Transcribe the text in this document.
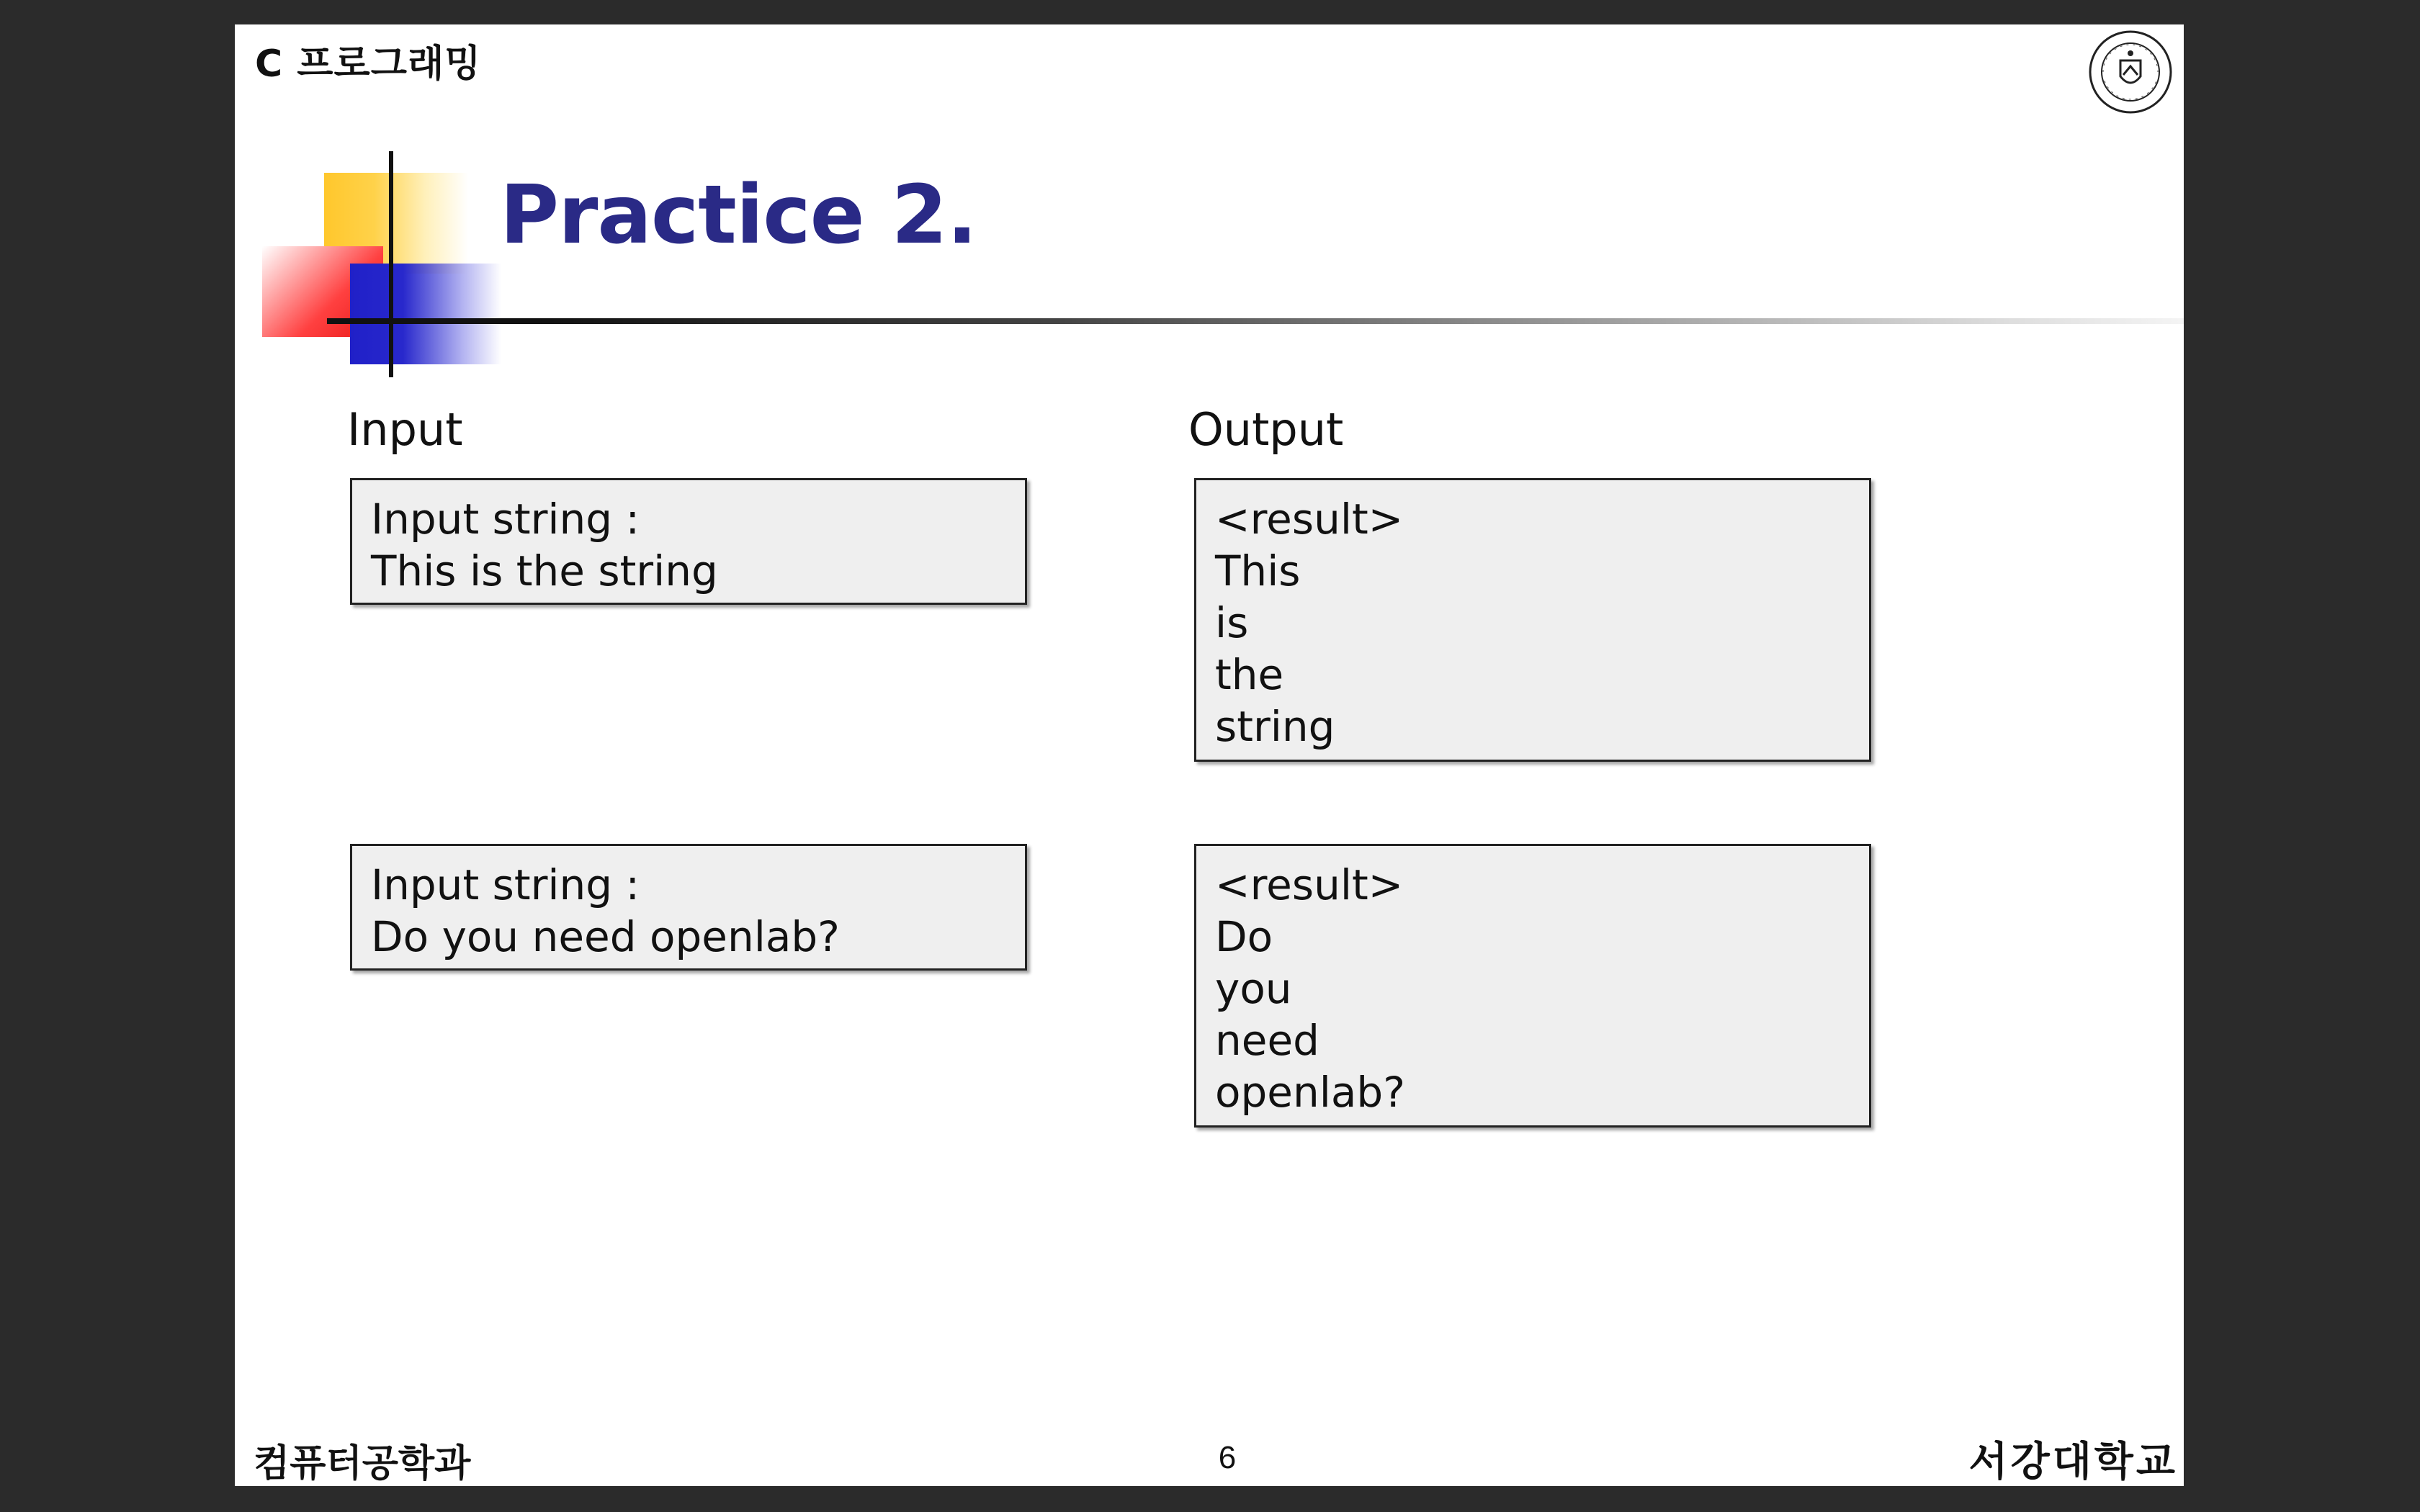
C 프로그래밍
Practice 2.
Input	Output
Input string :
This is the string
<result>
This
is
the
string
Input string :
Do you need openlab?
<result>
Do
you
need
openlab?
컴퓨터공학과	6	서강대학교
